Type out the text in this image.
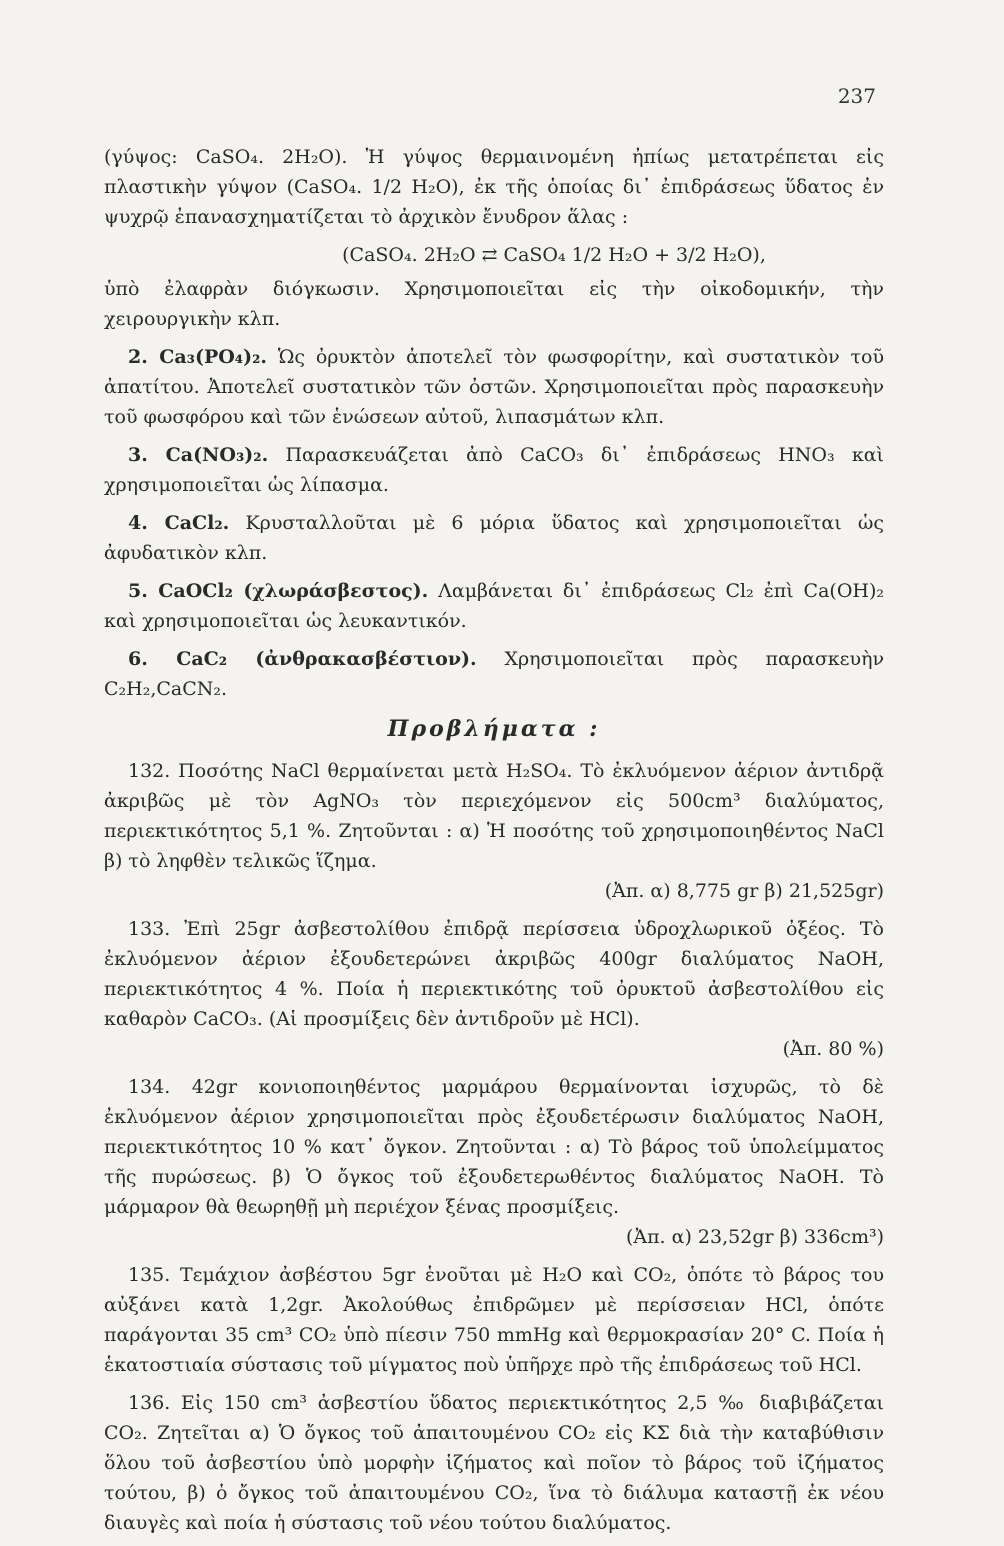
237

(γύψος: CaSO₄. 2H₂O). Ἡ γύψος θερμαινομένη ἠπίως μετατρέπεται εἰς πλαστικὴν γύψον (CaSO₄. 1/2 H₂O), ἐκ τῆς ὁποίας δι᾽ ἐπιδράσεως ὕδατος ἐν ψυχρῷ ἐπανασχηματίζεται τὸ ἀρχικὸν ἔνυδρον ἅλας :

(CaSO₄. 2H₂O ⇄ CaSO₄ 1/2 H₂O + 3/2 H₂O),

ὑπὸ ἐλαφρὰν διόγκωσιν. Χρησιμοποιεῖται εἰς τὴν οἰκοδομικήν, τὴν χειρουργικὴν κλπ.

2. Ca₃(PO₄)₂. Ὡς ὀρυκτὸν ἀποτελεῖ τὸν φωσφορίτην, καὶ συστατικὸν τοῦ ἀπατίτου. Ἀποτελεῖ συστατικὸν τῶν ὀστῶν. Χρησιμοποιεῖται πρὸς παρασκευὴν τοῦ φωσφόρου καὶ τῶν ἑνώσεων αὐτοῦ, λιπασμάτων κλπ.

3. Ca(NO₃)₂. Παρασκευάζεται ἀπὸ CaCO₃ δι᾽ ἐπιδράσεως HNO₃ καὶ χρησιμοποιεῖται ὡς λίπασμα.

4. CaCl₂. Κρυσταλλοῦται μὲ 6 μόρια ὕδατος καὶ χρησιμοποιεῖται ὡς ἀφυδατικὸν κλπ.

5. CaOCl₂ (χλωράσβεστος). Λαμβάνεται δι᾽ ἐπιδράσεως Cl₂ ἐπὶ Ca(OH)₂ καὶ χρησιμοποιεῖται ὡς λευκαντικόν.

6. CaC₂ (ἀνθρακασβέστιον). Χρησιμοποιεῖται πρὸς παρασκευὴν C₂H₂,CaCN₂.

Προβλήματα :

132. Ποσότης NaCl θερμαίνεται μετὰ H₂SO₄. Τὸ ἐκλυόμενον ἀέριον ἀντιδρᾷ ἀκριβῶς μὲ τὸν AgNO₃ τὸν περιεχόμενον εἰς 500cm³ διαλύματος, περιεκτικότητος 5,1 %. Ζητοῦνται : α) Ἡ ποσότης τοῦ χρησιμοποιηθέντος NaCl β) τὸ ληφθὲν τελικῶς ἵζημα.
(Ἀπ. α) 8,775 gr β) 21,525gr)

133. Ἐπὶ 25gr ἀσβεστολίθου ἐπιδρᾷ περίσσεια ὑδροχλωρικοῦ ὀξέος. Τὸ ἐκλυόμενον ἀέριον ἐξουδετερώνει ἀκριβῶς 400gr διαλύματος NaOH, περιεκτικότητος 4 %. Ποία ἡ περιεκτικότης τοῦ ὀρυκτοῦ ἀσβεστολίθου εἰς καθαρὸν CaCO₃. (Αἱ προσμίξεις δὲν ἀντιδροῦν μὲ HCl).
(Ἀπ. 80 %)

134. 42gr κονιοποιηθέντος μαρμάρου θερμαίνονται ἰσχυρῶς, τὸ δὲ ἐκλυόμενον ἀέριον χρησιμοποιεῖται πρὸς ἐξουδετέρωσιν διαλύματος NaOH, περιεκτικότητος 10 % κατ᾽ ὄγκον. Ζητοῦνται : α) Τὸ βάρος τοῦ ὑπολείμματος τῆς πυρώσεως. β) Ὁ ὄγκος τοῦ ἐξουδετερωθέντος διαλύματος NaOH. Τὸ μάρμαρον θὰ θεωρηθῇ μὴ περιέχον ξένας προσμίξεις.
(Ἀπ. α) 23,52gr β) 336cm³)

135. Τεμάχιον ἀσβέστου 5gr ἑνοῦται μὲ H₂O καὶ CO₂, ὁπότε τὸ βάρος του αὐξάνει κατὰ 1,2gr. Ἀκολούθως ἐπιδρῶμεν μὲ περίσσειαν HCl, ὁπότε παράγονται 35 cm³ CO₂ ὑπὸ πίεσιν 750 mmHg καὶ θερμοκρασίαν 20° C. Ποία ἡ ἑκατοστιαία σύστασις τοῦ μίγματος ποὺ ὑπῆρχε πρὸ τῆς ἐπιδράσεως τοῦ HCl.

136. Εἰς 150 cm³ ἀσβεστίου ὕδατος περιεκτικότητος 2,5 ‰ διαβιβάζεται CO₂. Ζητεῖται α) Ὁ ὄγκος τοῦ ἀπαιτουμένου CO₂ εἰς ΚΣ διὰ τὴν καταβύθισιν ὅλου τοῦ ἀσβεστίου ὑπὸ μορφὴν ἱζήματος καὶ ποῖον τὸ βάρος τοῦ ἱζήματος τούτου, β) ὁ ὄγκος τοῦ ἀπαιτουμένου CO₂, ἵνα τὸ διάλυμα καταστῇ ἐκ νέου διαυγὲς καὶ ποία ἡ σύστασις τοῦ νέου τούτου διαλύματος.
